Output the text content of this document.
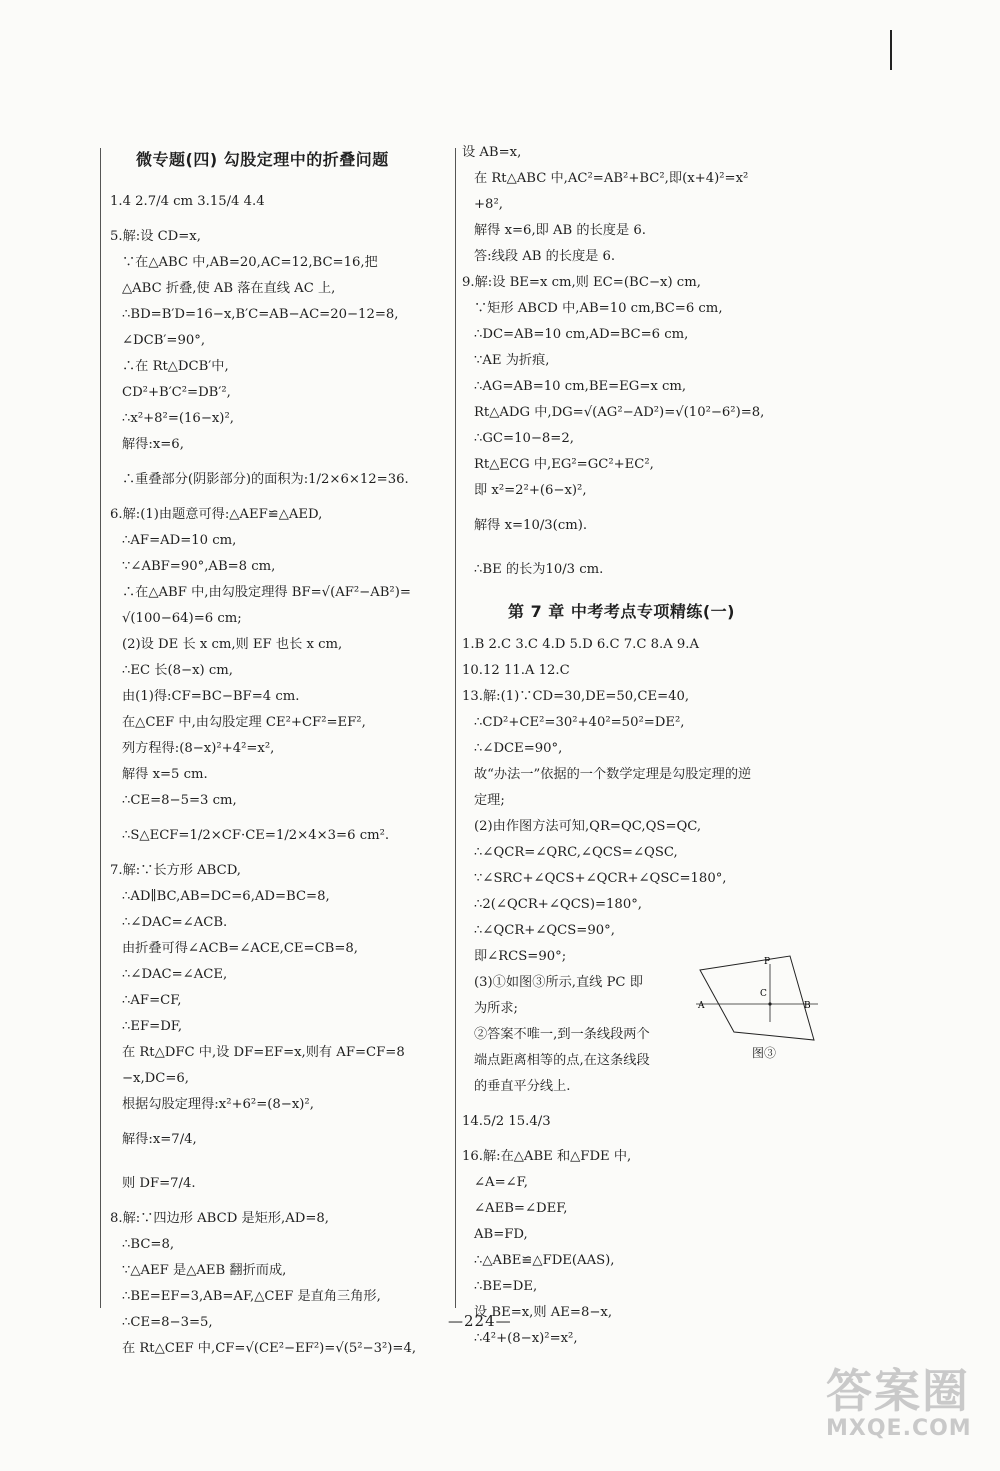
微专题(四) 勾股定理中的折叠问题
1.4 2.7/4 cm 3.15/4 4.4
5.解:设 CD=x,
∵在△ABC 中,AB=20,AC=12,BC=16,把
△ABC 折叠,使 AB 落在直线 AC 上,
∴BD=B′D=16−x,B′C=AB−AC=20−12=8,
∠DCB′=90°,
∴在 Rt△DCB′中,
CD²+B′C²=DB′²,
∴x²+8²=(16−x)²,
解得:x=6,
∴重叠部分(阴影部分)的面积为:1/2×6×12=36.
6.解:(1)由题意可得:△AEF≌△AED,
∴AF=AD=10 cm,
∵∠ABF=90°,AB=8 cm,
∴在△ABF 中,由勾股定理得 BF=√(AF²−AB²)=
√(100−64)=6 cm;
(2)设 DE 长 x cm,则 EF 也长 x cm,
∴EC 长(8−x) cm,
由(1)得:CF=BC−BF=4 cm.
在△CEF 中,由勾股定理 CE²+CF²=EF²,
列方程得:(8−x)²+4²=x²,
解得 x=5 cm.
∴CE=8−5=3 cm,
∴S△ECF=1/2×CF·CE=1/2×4×3=6 cm².
7.解:∵长方形 ABCD,
∴AD∥BC,AB=DC=6,AD=BC=8,
∴∠DAC=∠ACB.
由折叠可得∠ACB=∠ACE,CE=CB=8,
∴∠DAC=∠ACE,
∴AF=CF,
∴EF=DF,
在 Rt△DFC 中,设 DF=EF=x,则有 AF=CF=8
−x,DC=6,
根据勾股定理得:x²+6²=(8−x)²,
解得:x=7/4,
则 DF=7/4.
8.解:∵四边形 ABCD 是矩形,AD=8,
∴BC=8,
∵△AEF 是△AEB 翻折而成,
∴BE=EF=3,AB=AF,△CEF 是直角三角形,
∴CE=8−3=5,
在 Rt△CEF 中,CF=√(CE²−EF²)=√(5²−3²)=4,
设 AB=x,
在 Rt△ABC 中,AC²=AB²+BC²,即(x+4)²=x²
+8²,
解得 x=6,即 AB 的长度是 6.
答:线段 AB 的长度是 6.
9.解:设 BE=x cm,则 EC=(BC−x) cm,
∵矩形 ABCD 中,AB=10 cm,BC=6 cm,
∴DC=AB=10 cm,AD=BC=6 cm,
∵AE 为折痕,
∴AG=AB=10 cm,BE=EG=x cm,
Rt△ADG 中,DG=√(AG²−AD²)=√(10²−6²)=8,
∴GC=10−8=2,
Rt△ECG 中,EG²=GC²+EC²,
即 x²=2²+(6−x)²,
解得 x=10/3(cm).
∴BE 的长为10/3 cm.
第 7 章 中考考点专项精练(一)
1.B 2.C 3.C 4.D 5.D 6.C 7.C 8.A 9.A
10.12 11.A 12.C
13.解:(1)∵CD=30,DE=50,CE=40,
∴CD²+CE²=30²+40²=50²=DE²,
∴∠DCE=90°,
故“办法一”依据的一个数学定理是勾股定理的逆
定理;
(2)由作图方法可知,QR=QC,QS=QC,
∴∠QCR=∠QRC,∠QCS=∠QSC,
∵∠SRC+∠QCS+∠QCR+∠QSC=180°,
∴2(∠QCR+∠QCS)=180°,
∴∠QCR+∠QCS=90°,
即∠RCS=90°;
(3)①如图③所示,直线 PC 即
为所求;
②答案不唯一,到一条线段两个
端点距离相等的点,在这条线段
的垂直平分线上.
14.5/2 15.4/3
16.解:在△ABE 和△FDE 中,
∠A=∠F,
∠AEB=∠DEF,
AB=FD,
∴△ABE≌△FDE(AAS),
∴BE=DE,
设 BE=x,则 AE=8−x,
∴4²+(8−x)²=x²,
P
C
A	B
图③
—224—
答案圈
MXQE.COM
